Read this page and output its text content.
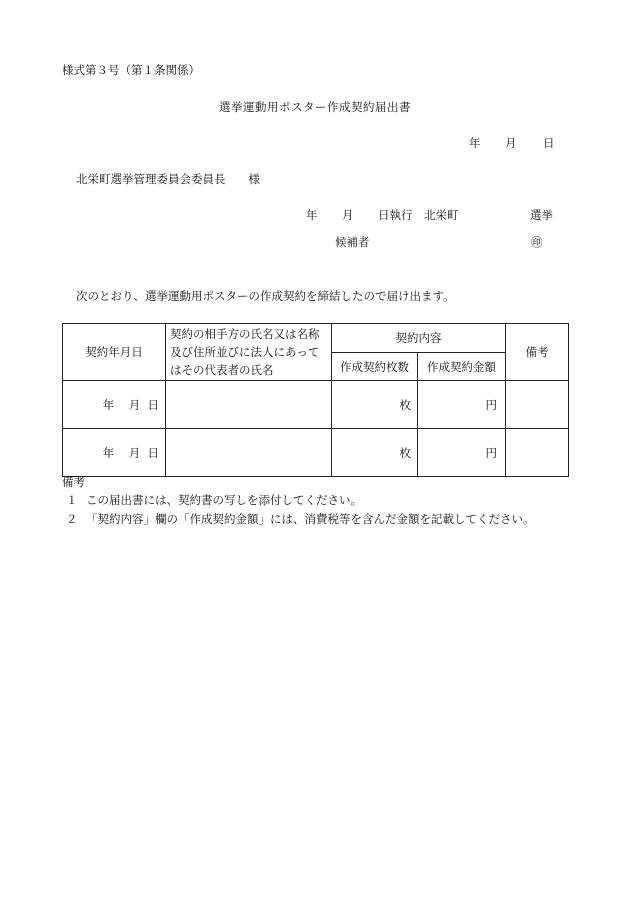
様式第３号（第１条関係）
選挙運動用ポスター作成契約届出書
年 月 日
北栄町選挙管理委員会委員長　　様
年 月 日執行 北栄町	選挙
候補者	㊞
次のとおり、選挙運動用ポスターの作成契約を締結したので届け出ます。
契約年月日	契約の相手方の氏名又は名称及び住所並びに法人にあってはその代表者の氏名	契約内容		備考
		作成契約枚数	作成契約金額	
年 月 日		枚	円	
年 月 日		枚	円	
備考
１ この届出書には、契約書の写しを添付してください。
２ 「契約内容」欄の「作成契約金額」には、消費税等を含んだ金額を記載してください。
